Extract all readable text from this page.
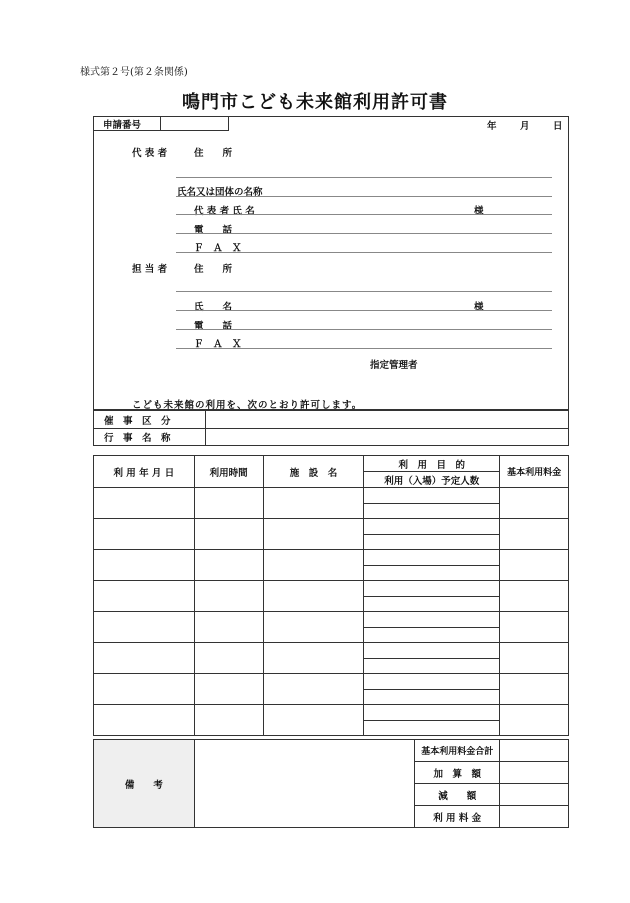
様式第２号(第２条関係)
鳴門市こども未来館利用許可書
申請番号	年 月 日
代 表 者	住　　所
氏名又は団体の名称
代 表 者 氏 名	様
電　　話
Ｆ　Ａ　Ｘ
担 当 者	住　　所
氏　　名	様
電　　話
Ｆ　Ａ　Ｘ
指定管理者
こども未来館の利用を、次のとおり許可します。
催　事　区　分	
行　事　名　称	
利 用 年 月 日	利用時間	施　設　名	利　用　目　的	基本利用料金
			利用（入場）予定人数	

備　　考		基本利用料金合計	
		加　算　額	
		減　　額	
		利 用 料 金	
